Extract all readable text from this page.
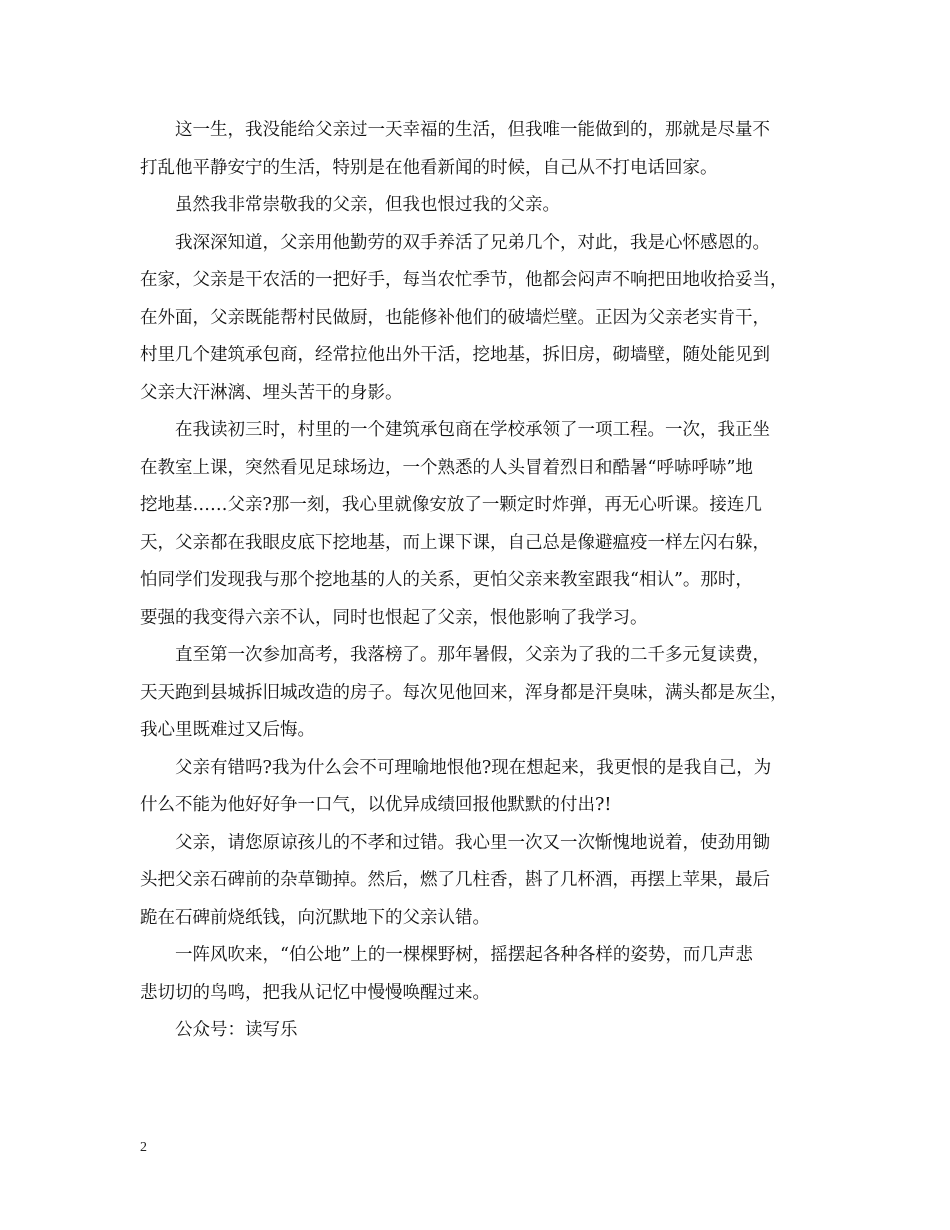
这一生，我没能给父亲过一天幸福的生活，但我唯一能做到的，那就是尽量不
打乱他平静安宁的生活，特别是在他看新闻的时候，自己从不打电话回家。
虽然我非常崇敬我的父亲，但我也恨过我的父亲。
我深深知道，父亲用他勤劳的双手养活了兄弟几个，对此，我是心怀感恩的。
在家，父亲是干农活的一把好手，每当农忙季节，他都会闷声不响把田地收拾妥当，
在外面，父亲既能帮村民做厨，也能修补他们的破墙烂壁。正因为父亲老实肯干，
村里几个建筑承包商，经常拉他出外干活，挖地基，拆旧房，砌墙壁，随处能见到
父亲大汗淋漓、埋头苦干的身影。
在我读初三时，村里的一个建筑承包商在学校承领了一项工程。一次，我正坐
在教室上课，突然看见足球场边，一个熟悉的人头冒着烈日和酷暑“呼哧呼哧”地
挖地基……父亲?那一刻，我心里就像安放了一颗定时炸弹，再无心听课。接连几
天，父亲都在我眼皮底下挖地基，而上课下课，自己总是像避瘟疫一样左闪右躲，
怕同学们发现我与那个挖地基的人的关系，更怕父亲来教室跟我“相认”。那时，
要强的我变得六亲不认，同时也恨起了父亲，恨他影响了我学习。
直至第一次参加高考，我落榜了。那年暑假，父亲为了我的二千多元复读费，
天天跑到县城拆旧城改造的房子。每次见他回来，浑身都是汗臭味，满头都是灰尘，
我心里既难过又后悔。
父亲有错吗?我为什么会不可理喻地恨他?现在想起来，我更恨的是我自己，为
什么不能为他好好争一口气，以优异成绩回报他默默的付出?!
父亲，请您原谅孩儿的不孝和过错。我心里一次又一次惭愧地说着，使劲用锄
头把父亲石碑前的杂草锄掉。然后，燃了几柱香，斟了几杯酒，再摆上苹果，最后
跪在石碑前烧纸钱，向沉默地下的父亲认错。
一阵风吹来，“伯公地”上的一棵棵野树，摇摆起各种各样的姿势，而几声悲
悲切切的鸟鸣，把我从记忆中慢慢唤醒过来。
公众号：读写乐
2
